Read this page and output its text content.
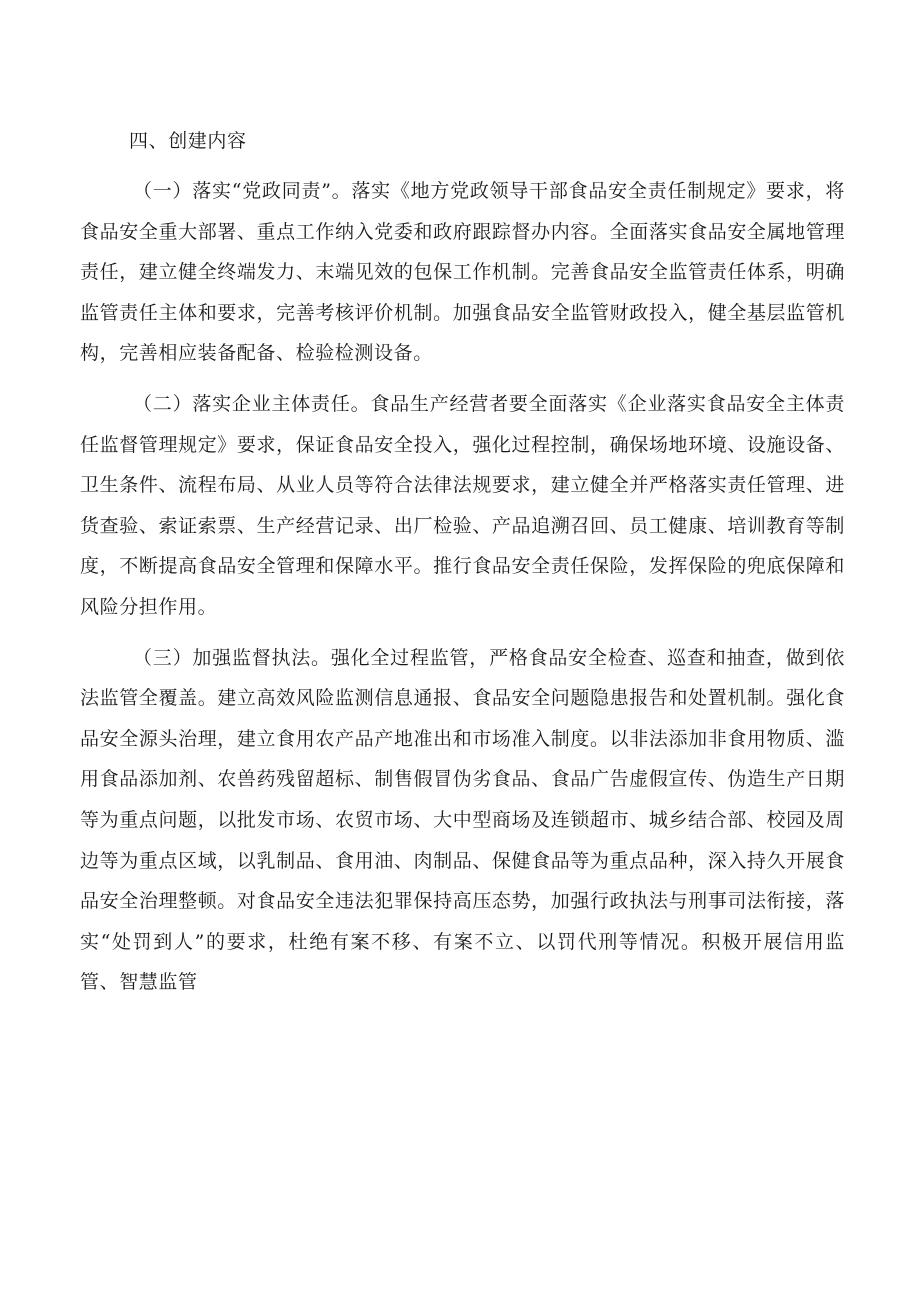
四、创建内容

（一）落实“党政同责”。落实《地方党政领导干部食品安全责任制规定》要求，将食品安全重大部署、重点工作纳入党委和政府跟踪督办内容。全面落实食品安全属地管理责任，建立健全终端发力、末端见效的包保工作机制。完善食品安全监管责任体系，明确监管责任主体和要求，完善考核评价机制。加强食品安全监管财政投入，健全基层监管机构，完善相应装备配备、检验检测设备。

（二）落实企业主体责任。食品生产经营者要全面落实《企业落实食品安全主体责任监督管理规定》要求，保证食品安全投入，强化过程控制，确保场地环境、设施设备、卫生条件、流程布局、从业人员等符合法律法规要求，建立健全并严格落实责任管理、进货查验、索证索票、生产经营记录、出厂检验、产品追溯召回、员工健康、培训教育等制度，不断提高食品安全管理和保障水平。推行食品安全责任保险，发挥保险的兜底保障和风险分担作用。

（三）加强监督执法。强化全过程监管，严格食品安全检查、巡查和抽查，做到依法监管全覆盖。建立高效风险监测信息通报、食品安全问题隐患报告和处置机制。强化食品安全源头治理，建立食用农产品产地准出和市场准入制度。以非法添加非食用物质、滥用食品添加剂、农兽药残留超标、制售假冒伪劣食品、食品广告虚假宣传、伪造生产日期等为重点问题，以批发市场、农贸市场、大中型商场及连锁超市、城乡结合部、校园及周边等为重点区域，以乳制品、食用油、肉制品、保健食品等为重点品种，深入持久开展食品安全治理整顿。对食品安全违法犯罪保持高压态势，加强行政执法与刑事司法衔接，落实“处罚到人”的要求，杜绝有案不移、有案不立、以罚代刑等情况。积极开展信用监管、智慧监管
